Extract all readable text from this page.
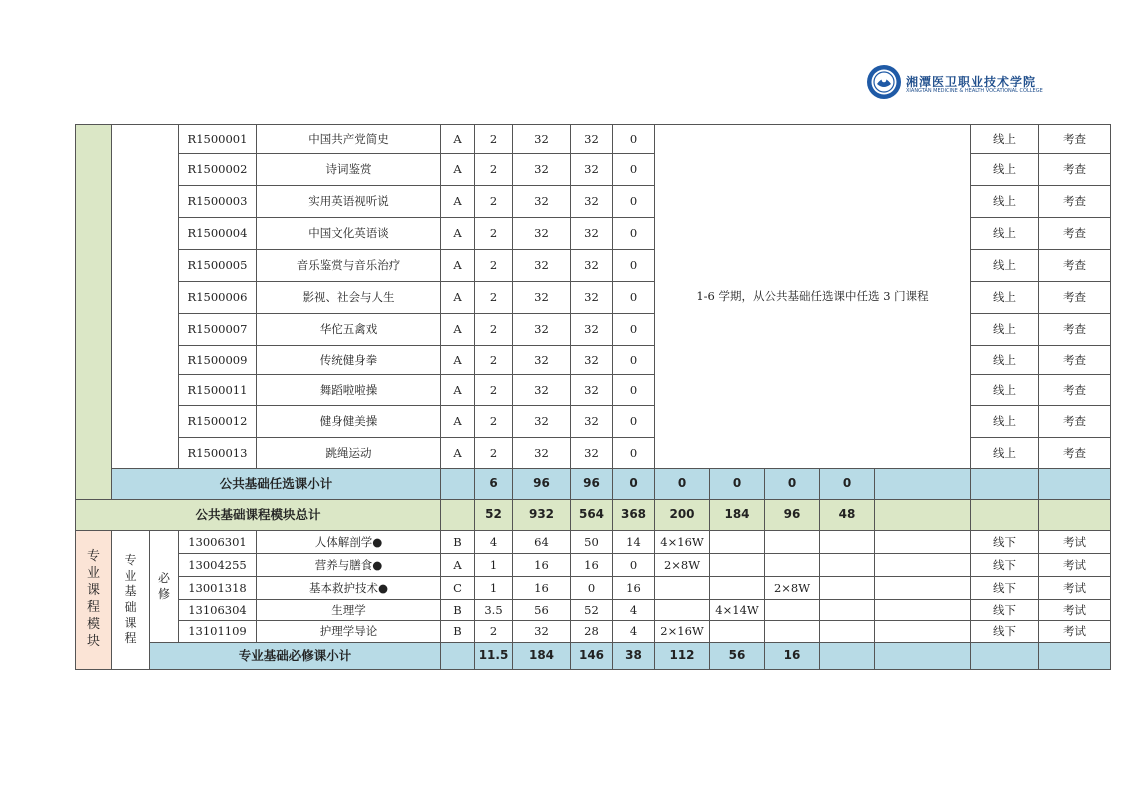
湘潭医卫职业技术学院
XIANGTAN MEDICINE & HEALTH VOCATIONAL COLLEGE
			R1500001	中国共产党简史	A	2	32	32	0	1-6 学期，从公共基础任选课中任选 3 门课程					线上	考查
			R1500002	诗词鉴赏	A	2	32	32	0						线上	考查
			R1500003	实用英语视听说	A	2	32	32	0						线上	考查
			R1500004	中国文化英语谈	A	2	32	32	0						线上	考查
			R1500005	音乐鉴赏与音乐治疗	A	2	32	32	0						线上	考查
			R1500006	影视、社会与人生	A	2	32	32	0						线上	考查
			R1500007	华佗五禽戏	A	2	32	32	0						线上	考查
			R1500009	传统健身拳	A	2	32	32	0						线上	考查
			R1500011	舞蹈啦啦操	A	2	32	32	0						线上	考查
			R1500012	健身健美操	A	2	32	32	0						线上	考查
			R1500013	跳绳运动	A	2	32	32	0						线上	考查
	公共基础任选课小计					6	96	96	0	0	0	0	0			
公共基础课程模块总计						52	932	564	368	200	184	96	48			
专业课程模块	专业基础课程	必修	13006301	人体解剖学●	B	4	64	50	14	4×16W					线下	考试
			13004255	营养与膳食●	A	1	16	16	0	2×8W					线下	考试
			13001318	基本救护技术●	C	1	16	0	16			2×8W			线下	考试
			13106304	生理学	B	3.5	56	52	4		4×14W				线下	考试
			13101109	护理学导论	B	2	32	28	4	2×16W					线下	考试
		专业基础必修课小计				11.5	184	146	38	112	56	16				
